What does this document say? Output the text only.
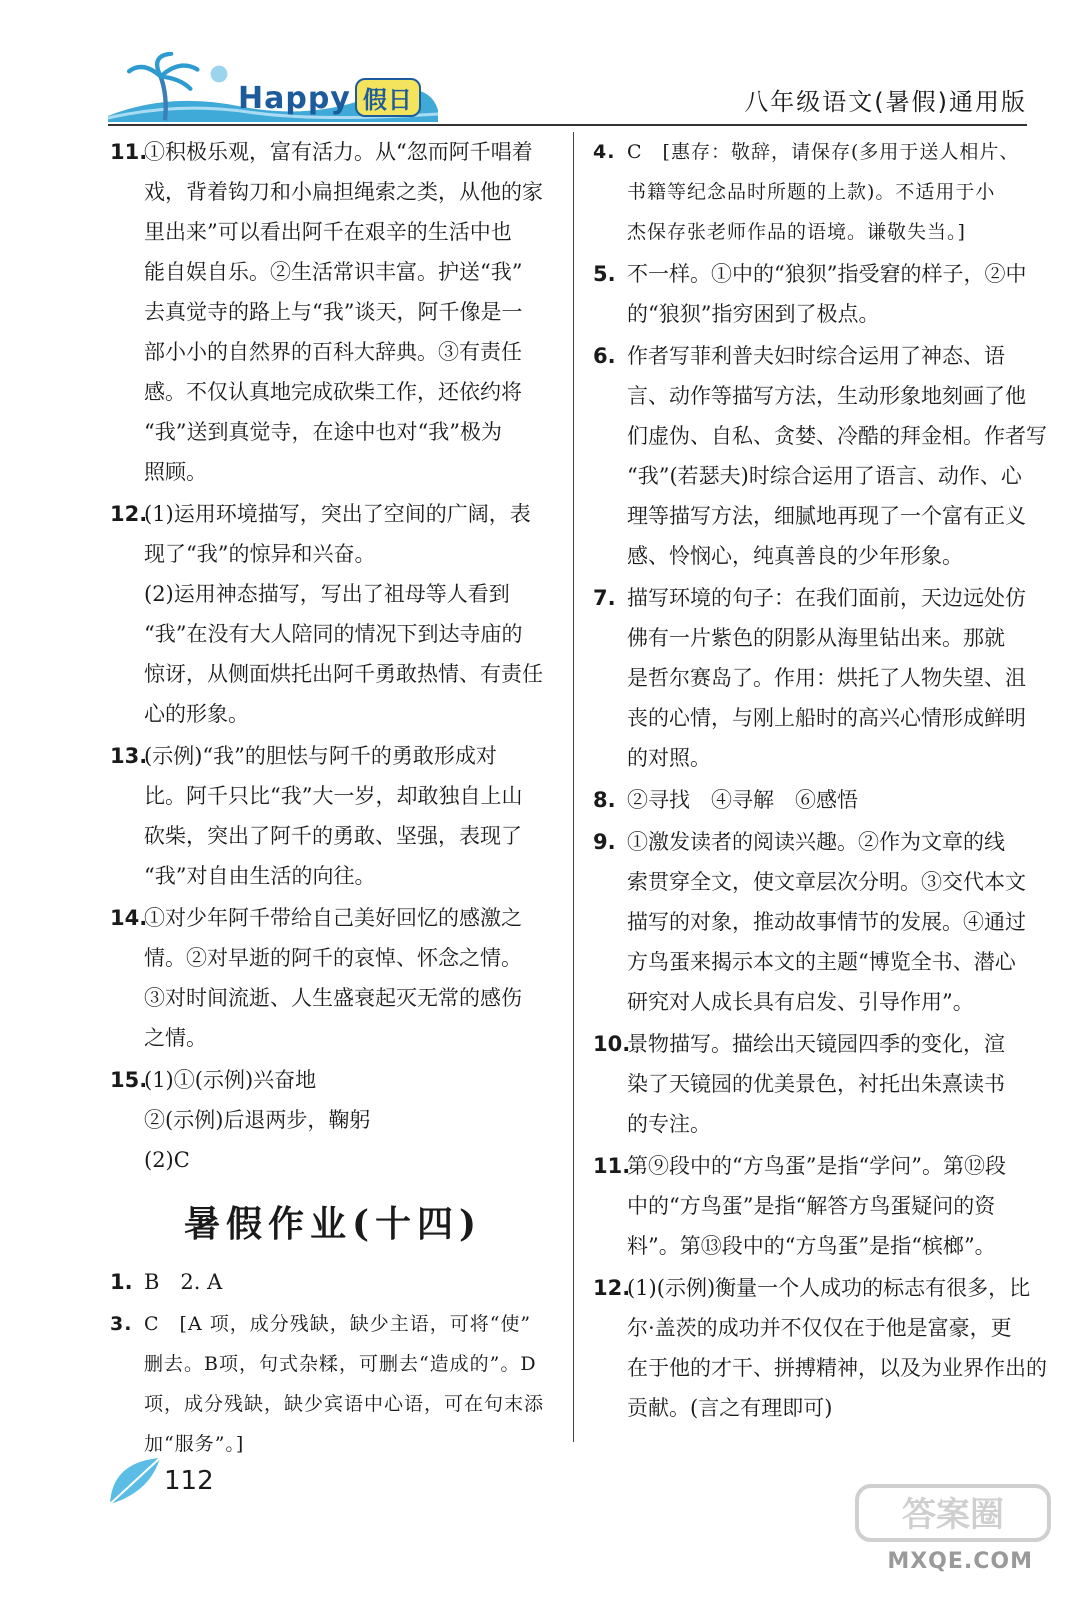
Happy 假日	八年级语文(暑假)通用版
11.
①积极乐观，富有活力。从“忽而阿千唱着
戏，背着钩刀和小扁担绳索之类，从他的家
里出来”可以看出阿千在艰辛的生活中也
能自娱自乐。②生活常识丰富。护送“我”
去真觉寺的路上与“我”谈天，阿千像是一
部小小的自然界的百科大辞典。③有责任
感。不仅认真地完成砍柴工作，还依约将
“我”送到真觉寺，在途中也对“我”极为
照顾。
12.
(1)运用环境描写，突出了空间的广阔，表
现了“我”的惊异和兴奋。
(2)运用神态描写，写出了祖母等人看到
“我”在没有大人陪同的情况下到达寺庙的
惊讶，从侧面烘托出阿千勇敢热情、有责任
心的形象。
13.
(示例)“我”的胆怯与阿千的勇敢形成对
比。阿千只比“我”大一岁，却敢独自上山
砍柴，突出了阿千的勇敢、坚强，表现了
“我”对自由生活的向往。
14.
①对少年阿千带给自己美好回忆的感激之
情。②对早逝的阿千的哀悼、怀念之情。
③对时间流逝、人生盛衰起灭无常的感伤
之情。
15.
(1)①(示例)兴奋地
②(示例)后退两步，鞠躬
(2)C
暑假作业(十四)
1. B　2. A
3. C　[A 项，成分残缺，缺少主语，可将“使”
删去。B项，句式杂糅，可删去“造成的”。D
项，成分残缺，缺少宾语中心语，可在句末添
加“服务”。]
4. C　[惠存：敬辞，请保存(多用于送人相片、
书籍等纪念品时所题的上款)。不适用于小
杰保存张老师作品的语境。谦敬失当。]
5. 不一样。①中的“狼狈”指受窘的样子，②中
的“狼狈”指穷困到了极点。
6. 作者写菲利普夫妇时综合运用了神态、语
言、动作等描写方法，生动形象地刻画了他
们虚伪、自私、贪婪、冷酷的拜金相。作者写
“我”(若瑟夫)时综合运用了语言、动作、心
理等描写方法，细腻地再现了一个富有正义
感、怜悯心，纯真善良的少年形象。
7. 描写环境的句子：在我们面前，天边远处仿
佛有一片紫色的阴影从海里钻出来。那就
是哲尔赛岛了。作用：烘托了人物失望、沮
丧的心情，与刚上船时的高兴心情形成鲜明
的对照。
8. ②寻找　④寻解　⑥感悟
9. ①激发读者的阅读兴趣。②作为文章的线
索贯穿全文，使文章层次分明。③交代本文
描写的对象，推动故事情节的发展。④通过
方鸟蛋来揭示本文的主题“博览全书、潜心
研究对人成长具有启发、引导作用”。
10.
景物描写。描绘出天镜园四季的变化，渲
染了天镜园的优美景色，衬托出朱熹读书
的专注。
11.
第⑨段中的“方鸟蛋”是指“学问”。第⑫段
中的“方鸟蛋”是指“解答方鸟蛋疑问的资
料”。第⑬段中的“方鸟蛋”是指“槟榔”。
12.
(1)(示例)衡量一个人成功的标志有很多，比
尔·盖茨的成功并不仅仅在于他是富豪，更
在于他的才干、拼搏精神，以及为业界作出的
贡献。(言之有理即可)
112
答案圈
MXQE.COM
